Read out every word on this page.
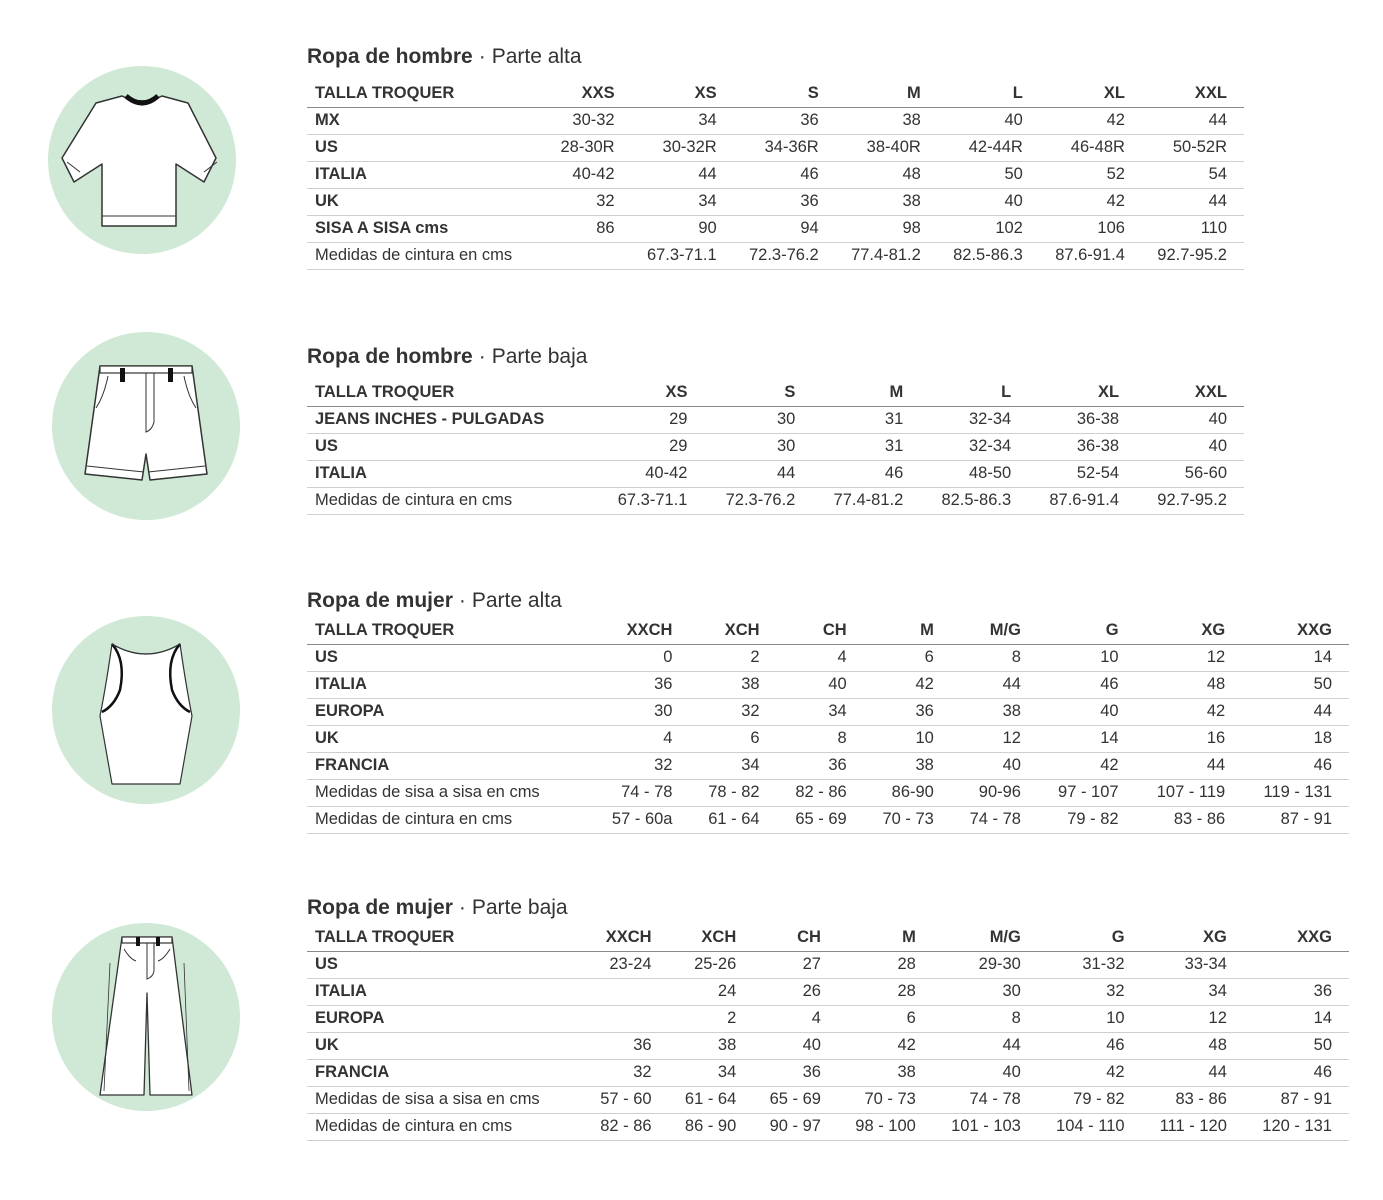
Ropa de hombre · Parte alta
TALLA TROQUER	XXS	XS	S	M	L	XL	XXL
MX	30-32	34	36	38	40	42	44
US	28-30R	30-32R	34-36R	38-40R	42-44R	46-48R	50-52R
ITALIA	40-42	44	46	48	50	52	54
UK	32	34	36	38	40	42	44
SISA A SISA cms	86	90	94	98	102	106	110
Medidas de cintura en cms		67.3-71.1	72.3-76.2	77.4-81.2	82.5-86.3	87.6-91.4	92.7-95.2
Ropa de hombre · Parte baja
TALLA TROQUER	XS	S	M	L	XL	XXL
JEANS INCHES - PULGADAS	29	30	31	32-34	36-38	40
US	29	30	31	32-34	36-38	40
ITALIA	40-42	44	46	48-50	52-54	56-60
Medidas de cintura en cms	67.3-71.1	72.3-76.2	77.4-81.2	82.5-86.3	87.6-91.4	92.7-95.2
Ropa de mujer · Parte alta
TALLA TROQUER	XXCH	XCH	CH	M	M/G	G	XG	XXG
US	0	2	4	6	8	10	12	14
ITALIA	36	38	40	42	44	46	48	50
EUROPA	30	32	34	36	38	40	42	44
UK	4	6	8	10	12	14	16	18
FRANCIA	32	34	36	38	40	42	44	46
Medidas de sisa a sisa en cms	74 - 78	78 - 82	82 - 86	86-90	90-96	97 - 107	107 - 119	119 - 131
Medidas de cintura en cms	57 - 60a	61 - 64	65 - 69	70 - 73	74 - 78	79 - 82	83 - 86	87 - 91
Ropa de mujer · Parte baja
TALLA TROQUER	XXCH	XCH	CH	M	M/G	G	XG	XXG
US	23-24	25-26	27	28	29-30	31-32	33-34	
ITALIA		24	26	28	30	32	34	36
EUROPA		2	4	6	8	10	12	14
UK	36	38	40	42	44	46	48	50
FRANCIA	32	34	36	38	40	42	44	46
Medidas de sisa a sisa en cms	57 - 60	61 - 64	65 - 69	70 - 73	74 - 78	79 - 82	83 - 86	87 - 91
Medidas de cintura en cms	82 - 86	86 - 90	90 - 97	98 - 100	101 - 103	104 - 110	111 - 120	120 - 131
